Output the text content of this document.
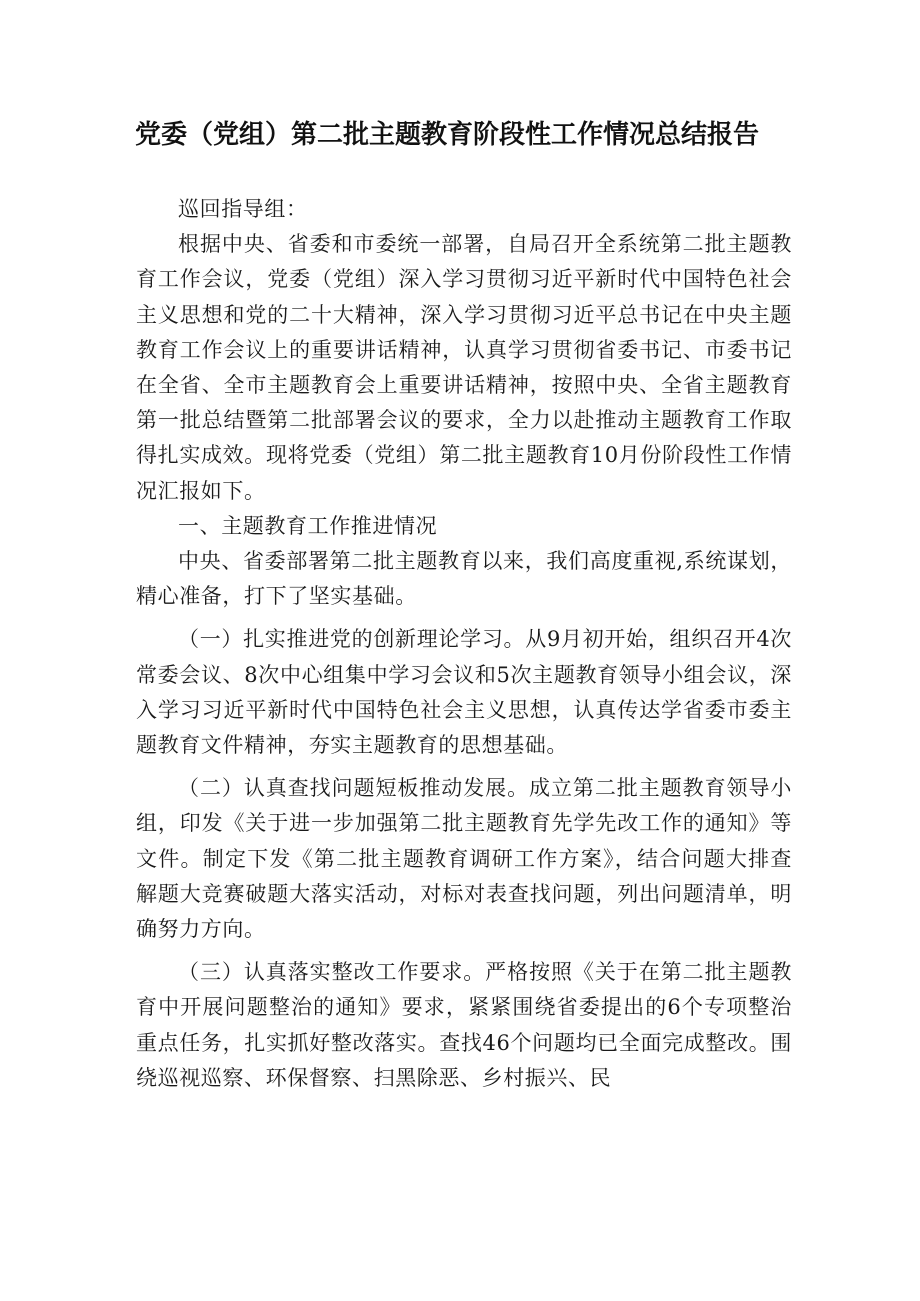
党委（党组）第二批主题教育阶段性工作情况总结报告

巡回指导组：

根据中央、省委和市委统一部署，自局召开全系统第二批主题教育工作会议，党委（党组）深入学习贯彻习近平新时代中国特色社会主义思想和党的二十大精神，深入学习贯彻习近平总书记在中央主题教育工作会议上的重要讲话精神，认真学习贯彻省委书记、市委书记在全省、全市主题教育会上重要讲话精神，按照中央、全省主题教育第一批总结暨第二批部署会议的要求，全力以赴推动主题教育工作取得扎实成效。现将党委（党组）第二批主题教育10月份阶段性工作情况汇报如下。

一、主题教育工作推进情况

中央、省委部署第二批主题教育以来，我们高度重视,系统谋划，精心准备，打下了坚实基础。

（一）扎实推进党的创新理论学习。从9月初开始，组织召开4次常委会议、8次中心组集中学习会议和5次主题教育领导小组会议，深入学习习近平新时代中国特色社会主义思想，认真传达学省委市委主题教育文件精神，夯实主题教育的思想基础。

（二）认真查找问题短板推动发展。成立第二批主题教育领导小组，印发《关于进一步加强第二批主题教育先学先改工作的通知》等文件。制定下发《第二批主题教育调研工作方案》，结合问题大排查解题大竞赛破题大落实活动，对标对表查找问题，列出问题清单，明确努力方向。

（三）认真落实整改工作要求。严格按照《关于在第二批主题教育中开展问题整治的通知》要求，紧紧围绕省委提出的6个专项整治重点任务，扎实抓好整改落实。查找46个问题均已全面完成整改。围绕巡视巡察、环保督察、扫黑除恶、乡村振兴、民
